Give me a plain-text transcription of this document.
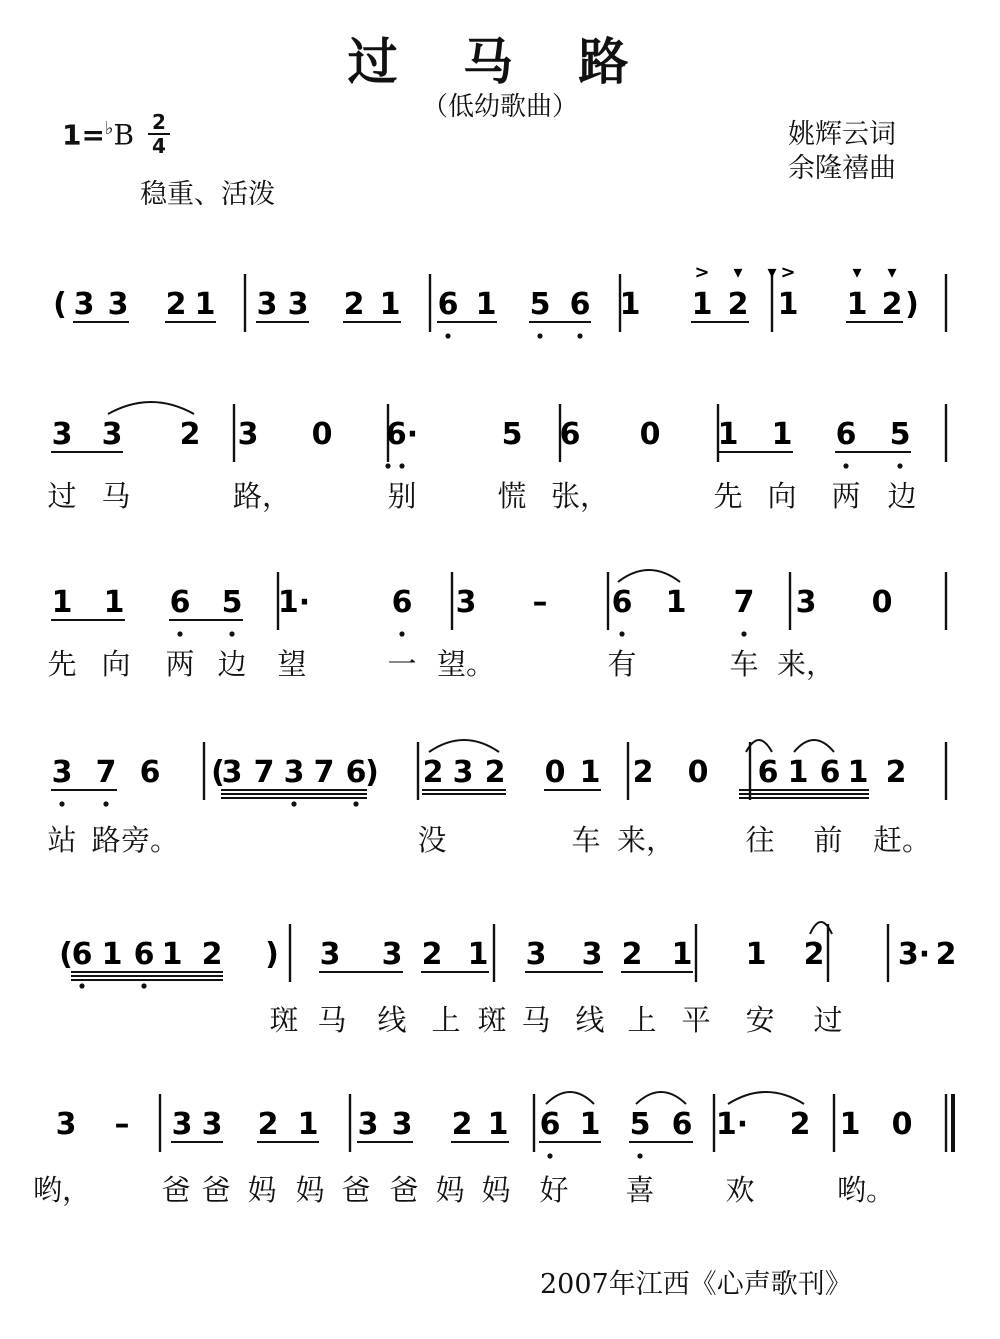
过 马 路
（低幼歌曲）
1=♭B 2
4
稳重、活泼
姚辉云词
余隆禧曲
( 3 3 2 1 3 3 2 1 6 1 5 6 1 1 2 1 1 2 )
> ▾ ▾ >	▾ ▾
3 3 2 3 0 6·	5 6 0 1 1 6 5
过 马	路，	别	慌 张，	先 向 两 边
1 1 6 5 1·	6 3 – 6 1 7 3 0
先 向 两 边 望	一 望。	有	车 来，
3 7 6 (
3 7 3 7 6
) 2 3 2 0 1 2 0 6 1 6 1 2
站 路 旁。	没	车 来， 往 前 赶。
(
6 1 6 1 2 ) 3 3 2 1 3 3 2 1 1 2 3· 2
斑 马 线 上 斑 马 线 上 平 安 过
3 – 3 3 2 1 3 3 2 1 6 1 5 6 1· 2 1 0
哟， 爸 爸 妈 妈 爸 爸 妈 妈 好 喜 欢	哟。
2007年江西《心声歌刊》
